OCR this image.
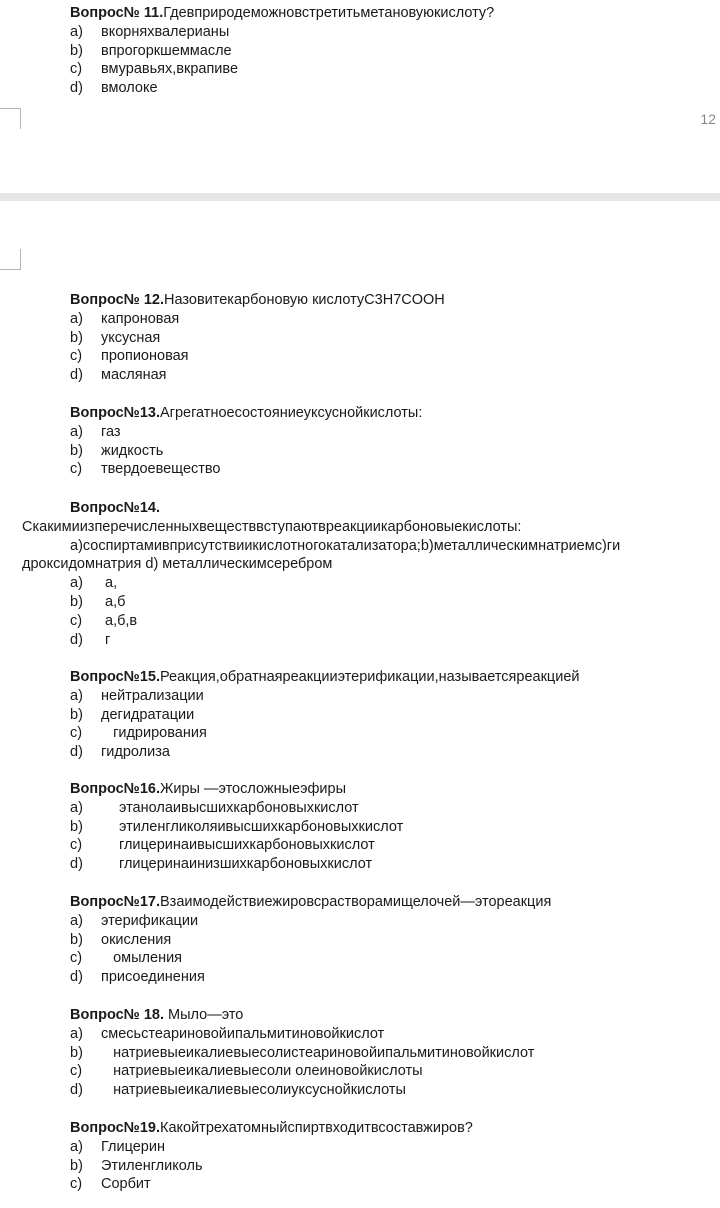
12
Вопрос№ 11.Гдевприродеможновстретитьметановуюкислоту?
a)	вкорняхвалерианы
b)	впрогоркшеммасле
c)	вмуравьях,вкрапиве
d)	вмолоке
Вопрос№ 12.Назовитекарбоновую кислотуC3H7COOH
a)	капроновая
b)	уксусная
c)	пропионовая
d)	масляная
Вопрос№13.Агрегатноесостояниеуксуснойкислоты:
a)	газ
b)	жидкость
c)	твердоевещество
Вопрос№14.
Скакимиизперечисленныхвеществвступаютвреакциикарбоновыекислоты:
a)соспиртамивприсутствиикислотногокатализатора;b)металлическимнатриемс)ги
дроксидомнатрия d) металлическимсеребром
a)	а,
b)	а,б
c)	а,б,в
d)	г
Вопрос№15.Реакция,обратнаяреакцииэтерификации,называетсяреакцией
a)	нейтрализации
b)	дегидратации
c)	гидрирования
d)	гидролиза
Вопрос№16.Жиры —этосложныеэфиры
a)	этанолаивысшихкарбоновыхкислот
b)	этиленгликоляивысшихкарбоновыхкислот
c)	глицеринаивысшихкарбоновыхкислот
d)	глицеринаинизшихкарбоновыхкислот
Вопрос№17.Взаимодействиежировсрастворамищелочей—этореакция
a)	этерификации
b)	окисления
c)	омыления
d)	присоединения
Вопрос№ 18. Мыло—это
a)	смесьстеариновойипальмитиновойкислот
b)	натриевыеикалиевыесолистеариновойипальмитиновойкислот
c)	натриевыеикалиевыесоли олеиновойкислоты
d)	натриевыеикалиевыесолиуксуснойкислоты
Вопрос№19.Какойтрехатомныйспиртвходитвсоставжиров?
a)	Глицерин
b)	Этиленгликоль
c)	Сорбит
